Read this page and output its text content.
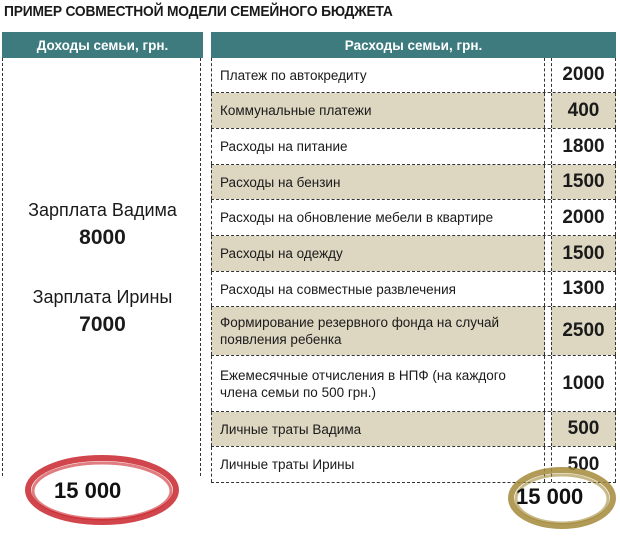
ПРИМЕР СОВМЕСТНОЙ МОДЕЛИ СЕМЕЙНОГО БЮДЖЕТА
Доходы семьи, грн.	Расходы семьи, грн.
Зарплата Вадима
8000
Зарплата Ирины
7000
Платеж по автокредиту	2000
Коммунальные платежи	400
Расходы на питание	1800
Расходы на бензин	1500
Расходы на обновление мебели в квартире	2000
Расходы на одежду	1500
Расходы на совместные развлечения	1300
Формирование резервного фонда на случай появления ребенка	2500
Ежемесячные отчисления в НПФ (на каждого члена семьи по 500 грн.)	1000
Личные траты Вадима	500
Личные траты Ирины	500
15 000	15 000
